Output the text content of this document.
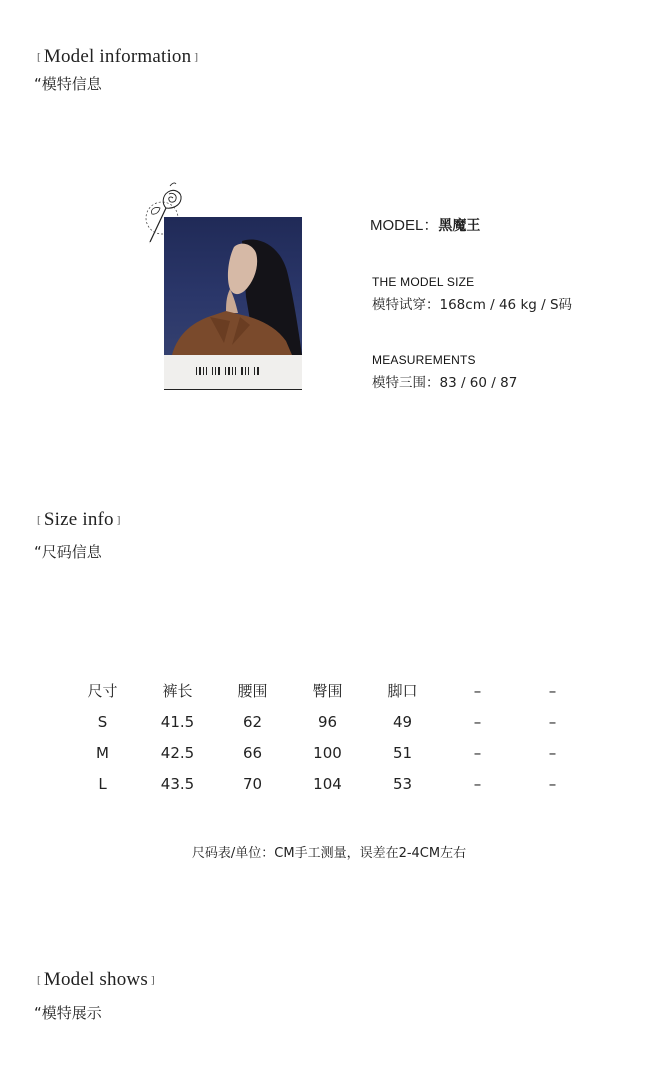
[ Model information ]
“模特信息
MODEL：黑魔王
THE MODEL SIZE
模特试穿：168cm / 46 kg / S码
MEASUREMENTS
模特三围：83 / 60 / 87
[ Size info ]
“尺码信息
尺寸	裤长	腰围	臀围	脚口	–	–
S	41.5	62	96	49	–	–
M	42.5	66	100	51	–	–
L	43.5	70	104	53	–	–
尺码表/单位：CM手工测量，误差在2-4CM左右
[ Model shows ]
“模特展示
